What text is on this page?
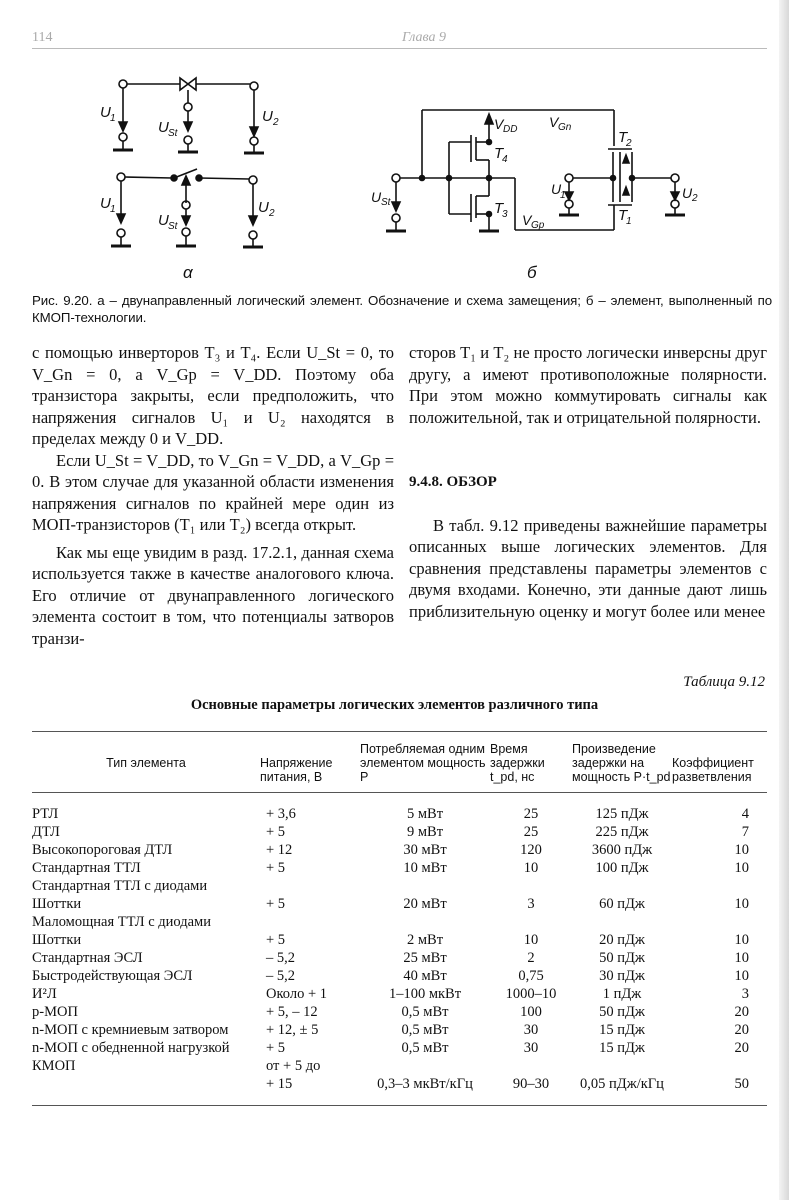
114	Глава 9
U 1
U St
U 2
U 1
U St
U 2
α
V DD V Gn
T
4
T
3
T
2
T
1
U
1	U 2
U St
V Gp
б
Рис. 9.20. а – двунаправленный логический элемент. Обозначение и схема замещения; б – элемент, выполненный по КМОП-технологии.

с помощью инверторов T₃ и T₄. Если U_St = 0, то V_Gn = 0, а V_Gp = V_DD. Поэтому оба транзистора закрыты, если предположить, что напряжения сигналов U₁ и U₂ находятся в пределах между 0 и V_DD.

Если U_St = V_DD, то V_Gn = V_DD, а V_Gp = 0. В этом случае для указанной области изменения напряжения сигналов по крайней мере один из МОП-транзисторов (T₁ или T₂) всегда открыт.

Как мы еще увидим в разд. 17.2.1, данная схема используется также в качестве аналогового ключа. Его отличие от двунаправленного логического элемента состоит в том, что потенциалы затворов транзи-

сторов T₁ и T₂ не просто логически инверсны друг другу, а имеют противоположные полярности. При этом можно коммутировать сигналы как положительной, так и отрицательной полярности.

9.4.8. ОБЗОР

В табл. 9.12 приведены важнейшие параметры описанных выше логических элементов. Для сравнения представлены параметры элементов с двумя входами. Конечно, эти данные дают лишь приблизительную оценку и могут более или менее

Таблица 9.12
Основные параметры логических элементов различного типа
Тип элемента	Напряжение питания, В	Потребляемая одним элементом мощность P	Время задержки t_pd, нс	Произведение задержки на мощность P·t_pd	Коэффициент разветвления
РТЛ	+ 3,6	5 мВт	25	125 пДж	4
ДТЛ	+ 5	9 мВт	25	225 пДж	7
Высокопороговая ДТЛ	+ 12	30 мВт	120	3600 пДж	10
Стандартная ТТЛ	+ 5	10 мВт	10	100 пДж	10
Стандартная ТТЛ с диодами					
Шоттки	+ 5	20 мВт	3	60 пДж	10
Маломощная ТТЛ с диодами					
Шоттки	+ 5	2 мВт	10	20 пДж	10
Стандартная ЭСЛ	– 5,2	25 мВт	2	50 пДж	10
Быстродействующая ЭСЛ	– 5,2	40 мВт	0,75	30 пДж	10
И²Л	Около + 1	1–100 мкВт	1000–10	1 пДж	3
p-МОП	+ 5, – 12	0,5 мВт	100	50 пДж	20
n-МОП с кремниевым затвором	+ 12, ± 5	0,5 мВт	30	15 пДж	20
n-МОП с обедненной нагрузкой	+ 5	0,5 мВт	30	15 пДж	20
КМОП	от + 5 до				
	+ 15	0,3–3 мкВт/кГц	90–30	0,05 пДж/кГц	50
